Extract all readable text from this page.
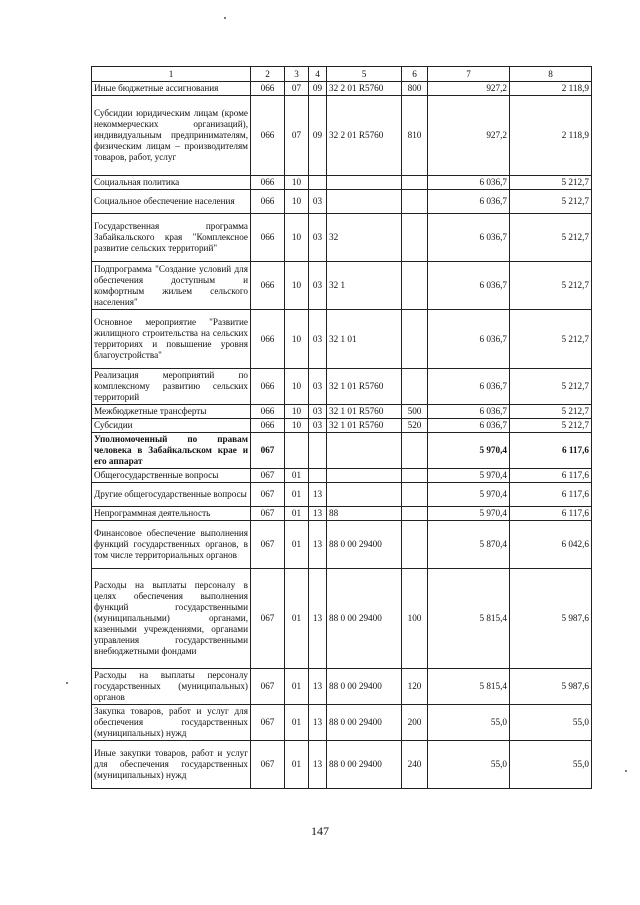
1	2	3	4	5	6	7	8
Иные бюджетные ассигнования	066	07	09	32 2 01 R5760	800	927,2	2 118,9
Субсидии юридическим лицам (кроме некоммерческих организаций), индивидуальным предпринимателям, физическим лицам – производителям товаров, работ, услуг	066	07	09	32 2 01 R5760	810	927,2	2 118,9
Социальная политика	066	10				6 036,7	5 212,7
Социальное обеспечение населения	066	10	03			6 036,7	5 212,7
Государственная программа Забайкальского края "Комплексное развитие сельских территорий"	066	10	03	32		6 036,7	5 212,7
Подпрограмма "Создание условий для обеспечения доступным и комфортным жильем сельского населения"	066	10	03	32 1		6 036,7	5 212,7
Основное мероприятие "Развитие жилищного строительства на сельских территориях и повышение уровня благоустройства"	066	10	03	32 1 01		6 036,7	5 212,7
Реализация мероприятий по комплексному развитию сельских территорий	066	10	03	32 1 01 R5760		6 036,7	5 212,7
Межбюджетные трансферты	066	10	03	32 1 01 R5760	500	6 036,7	5 212,7
Субсидии	066	10	03	32 1 01 R5760	520	6 036,7	5 212,7
Уполномоченный по правам человека в Забайкальском крае и его аппарат	067					5 970,4	6 117,6
Общегосударственные вопросы	067	01				5 970,4	6 117,6
Другие общегосударственные вопросы	067	01	13			5 970,4	6 117,6
Непрограммная деятельность	067	01	13	88		5 970,4	6 117,6
Финансовое обеспечение выполнения функций государственных органов, в том числе территориальных органов	067	01	13	88 0 00 29400		5 870,4	6 042,6
Расходы на выплаты персоналу в целях обеспечения выполнения функций государственными (муниципальными) органами, казенными учреждениями, органами управления государственными внебюджетными фондами	067	01	13	88 0 00 29400	100	5 815,4	5 987,6
Расходы на выплаты персоналу государственных (муниципальных) органов	067	01	13	88 0 00 29400	120	5 815,4	5 987,6
Закупка товаров, работ и услуг для обеспечения государственных (муниципальных) нужд	067	01	13	88 0 00 29400	200	55,0	55,0
Иные закупки товаров, работ и услуг для обеспечения государственных (муниципальных) нужд	067	01	13	88 0 00 29400	240	55,0	55,0
147
